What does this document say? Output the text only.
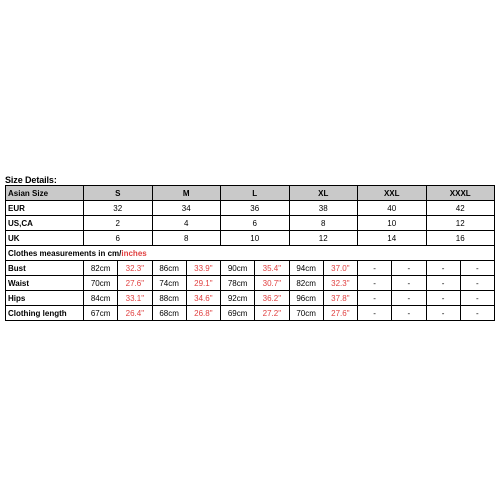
Size Details:
Asian Size	S		M		L		XL		XXL		XXXL	
EUR	32		34		36		38		40		42	
US,CA	2		4		6		8		10		12	
UK	6		8		10		12		14		16	
Clothes measurements in cm/inches												
Bust	82cm	32.3"	86cm	33.9"	90cm	35.4"	94cm	37.0"	-	-	-	-
Waist	70cm	27.6"	74cm	29.1"	78cm	30.7"	82cm	32.3"	-	-	-	-
Hips	84cm	33.1"	88cm	34.6"	92cm	36.2"	96cm	37.8"	-	-	-	-
Clothing length	67cm	26.4"	68cm	26.8"	69cm	27.2"	70cm	27.6"	-	-	-	-
